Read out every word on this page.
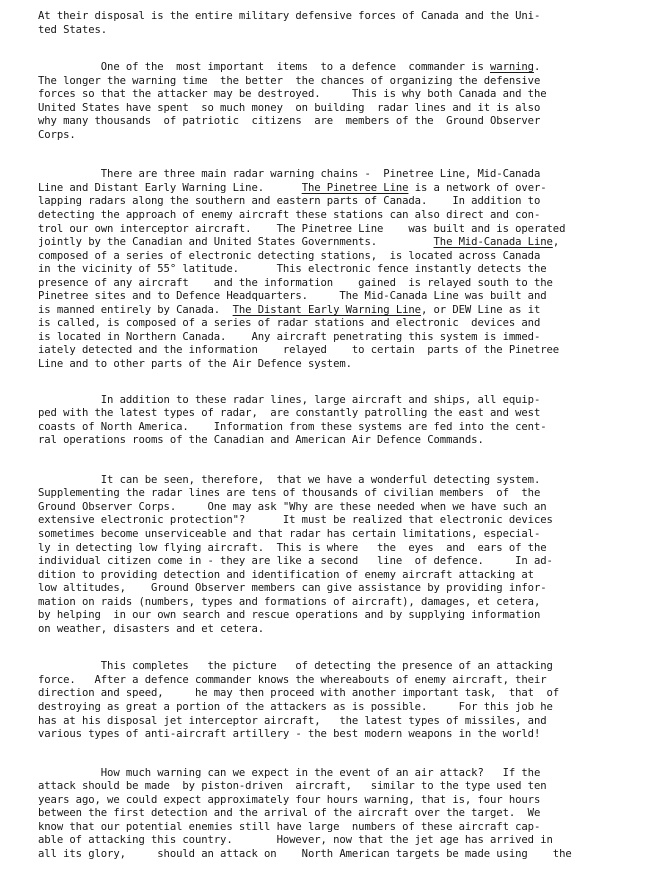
At their disposal is the entire military defensive forces of Canada and the Uni-
ted States.
One of the  most important  items  to a defence  commander is warning.
The longer the warning time  the better  the chances of organizing the defensive
forces so that the attacker may be destroyed.     This is why both Canada and the
United States have spent  so much money  on building  radar lines and it is also
why many thousands  of patriotic  citizens  are  members of the  Ground Observer
Corps.
There are three main radar warning chains -  Pinetree Line, Mid-Canada
Line and Distant Early Warning Line.      The Pinetree Line is a network of over-
lapping radars along the southern and eastern parts of Canada.    In addition to
detecting the approach of enemy aircraft these stations can also direct and con-
trol our own interceptor aircraft.    The Pinetree Line    was built and is operated
jointly by the Canadian and United States Governments.         The Mid-Canada Line,
composed of a series of electronic detecting stations,  is located across Canada
in the vicinity of 55° latitude.      This electronic fence instantly detects the
presence of any aircraft    and the information    gained  is relayed south to the
Pinetree sites and to Defence Headquarters.     The Mid-Canada Line was built and
is manned entirely by Canada.  The Distant Early Warning Line, or DEW Line as it
is called, is composed of a series of radar stations and electronic  devices and
is located in Northern Canada.    Any aircraft penetrating this system is immed-
iately detected and the information    relayed    to certain  parts of the Pinetree
Line and to other parts of the Air Defence system.
In addition to these radar lines, large aircraft and ships, all equip-
ped with the latest types of radar,  are constantly patrolling the east and west
coasts of North America.    Information from these systems are fed into the cent-
ral operations rooms of the Canadian and American Air Defence Commands.
It can be seen, therefore,  that we have a wonderful detecting system.
Supplementing the radar lines are tens of thousands of civilian members  of  the
Ground Observer Corps.     One may ask "Why are these needed when we have such an
extensive electronic protection"?      It must be realized that electronic devices
sometimes become unserviceable and that radar has certain limitations, especial-
ly in detecting low flying aircraft.  This is where   the  eyes  and  ears of the
individual citizen come in - they are like a second   line  of defence.     In ad-
dition to providing detection and identification of enemy aircraft attacking at
low altitudes,    Ground Observer members can give assistance by providing infor-
mation on raids (numbers, types and formations of aircraft), damages, et cetera,
by helping  in our own search and rescue operations and by supplying information
on weather, disasters and et cetera.
This completes   the picture   of detecting the presence of an attacking
force.   After a defence commander knows the whereabouts of enemy aircraft, their
direction and speed,     he may then proceed with another important task,  that  of
destroying as great a portion of the attackers as is possible.     For this job he
has at his disposal jet interceptor aircraft,   the latest types of missiles, and
various types of anti-aircraft artillery - the best modern weapons in the world!
How much warning can we expect in the event of an air attack?   If the
attack should be made  by piston-driven  aircraft,   similar to the type used ten
years ago, we could expect approximately four hours warning, that is, four hours
between the first detection and the arrival of the aircraft over the target.  We
know that our potential enemies still have large  numbers of these aircraft cap-
able of attacking this country.       However, now that the jet age has arrived in
all its glory,     should an attack on    North American targets be made using    the
